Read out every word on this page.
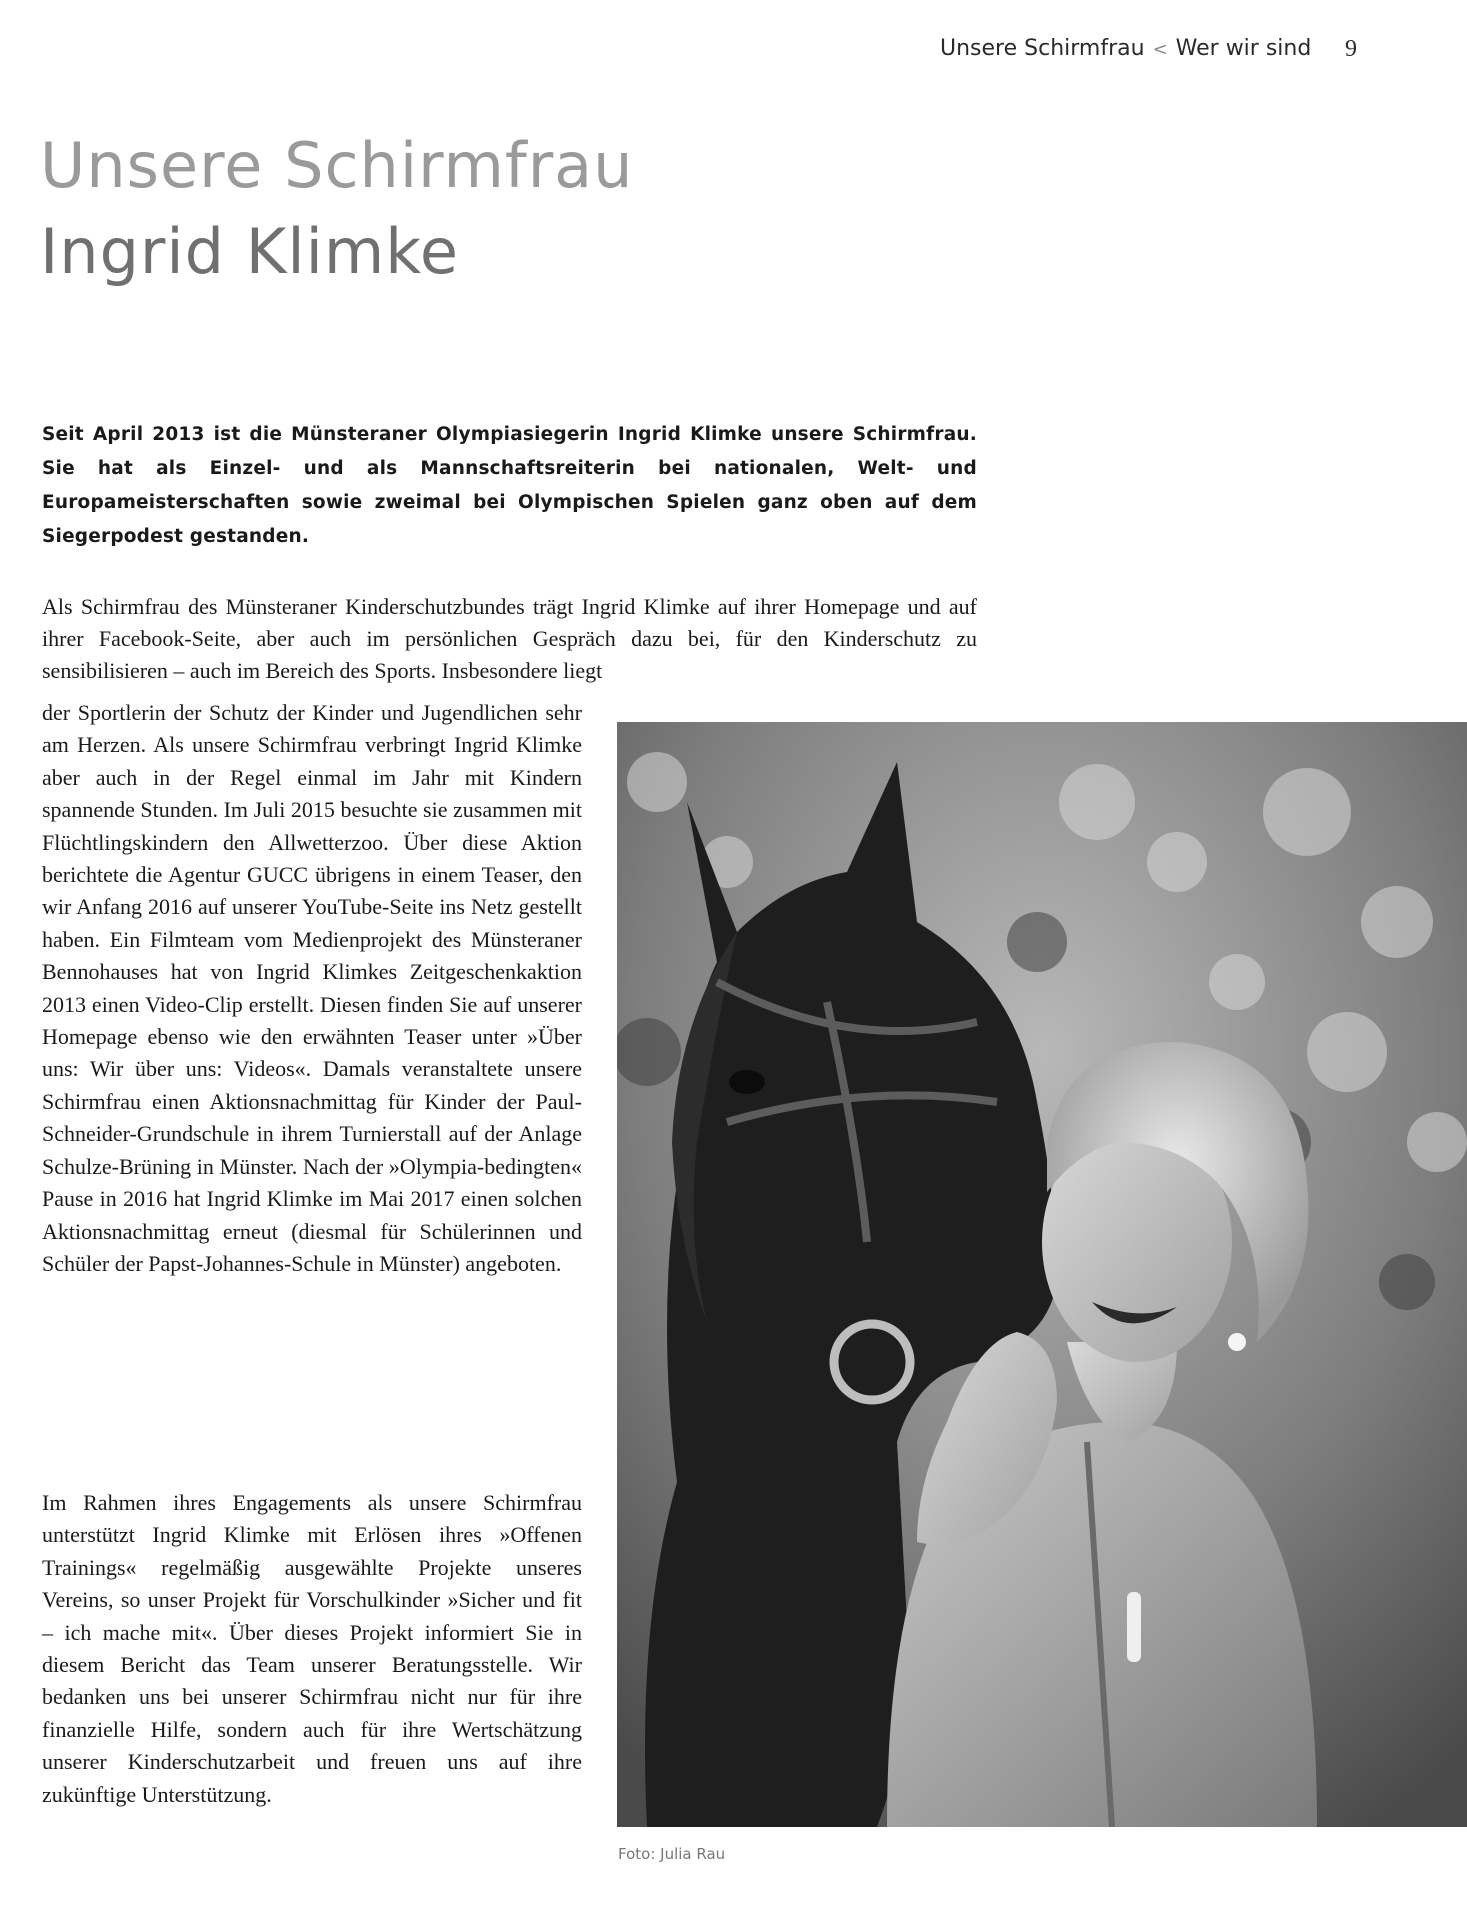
Unsere Schirmfrau < Wer wir sind 9
Unsere Schirmfrau
Ingrid Klimke

Seit April 2013 ist die Münsteraner Olympiasiegerin Ingrid Klimke unsere Schirmfrau. Sie hat als Einzel- und als Mannschaftsreiterin bei nationalen, Welt- und Europameisterschaften sowie zweimal bei Olympischen Spielen ganz oben auf dem Siegerpodest gestanden.

Als Schirmfrau des Münsteraner Kinderschutzbundes trägt Ingrid Klimke auf ihrer Homepage und auf ihrer Facebook-Seite, aber auch im persönlichen Gespräch dazu bei, für den Kinderschutz zu sensibilisieren – auch im Bereich des Sports. Insbesondere liegt

der Sportlerin der Schutz der Kinder und Jugendlichen sehr am Herzen. Als unsere Schirmfrau verbringt Ingrid Klimke aber auch in der Regel einmal im Jahr mit Kindern spannende Stunden. Im Juli 2015 besuchte sie zusammen mit Flüchtlingskindern den Allwetterzoo. Über diese Aktion berichtete die Agentur GUCC übrigens in einem Teaser, den wir Anfang 2016 auf unserer YouTube-Seite ins Netz gestellt haben. Ein Filmteam vom Medienprojekt des Münsteraner Bennohauses hat von Ingrid Klimkes Zeitgeschenkaktion 2013 einen Video-Clip erstellt. Diesen finden Sie auf unserer Homepage ebenso wie den erwähnten Teaser unter »Über uns: Wir über uns: Videos«. Damals veranstaltete unsere Schirmfrau einen Aktionsnachmittag für Kinder der Paul-Schneider-Grundschule in ihrem Turnierstall auf der Anlage Schulze-Brüning in Münster. Nach der »Olympia-bedingten« Pause in 2016 hat Ingrid Klimke im Mai 2017 einen solchen Aktionsnachmittag erneut (diesmal für Schülerinnen und Schüler der Papst-Johannes-Schule in Münster) angeboten.

Im Rahmen ihres Engagements als unsere Schirmfrau unterstützt Ingrid Klimke mit Erlösen ihres »Offenen Trainings« regelmäßig ausgewählte Projekte unseres Vereins, so unser Projekt für Vorschulkinder »Sicher und fit – ich mache mit«. Über dieses Projekt informiert Sie in diesem Bericht das Team unserer Beratungsstelle. Wir bedanken uns bei unserer Schirmfrau nicht nur für ihre finanzielle Hilfe, sondern auch für ihre Wertschätzung unserer Kinderschutzarbeit und freuen uns auf ihre zukünftige Unterstützung.

Foto: Julia Rau
